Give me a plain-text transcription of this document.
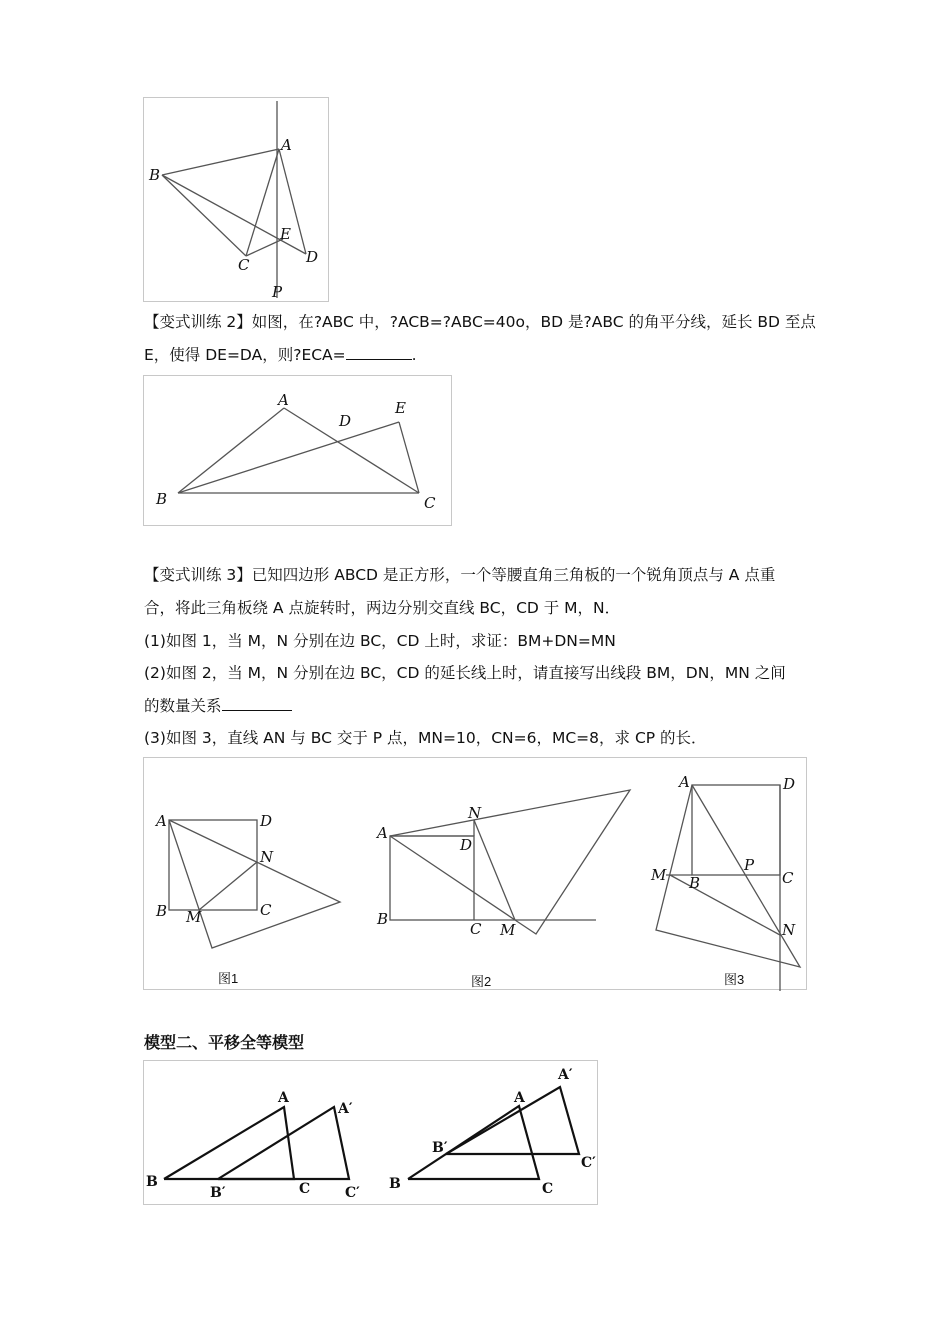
A
B
C	D
E
P
【变式训练 2】如图，在?ABC 中，?ACB=?ABC=40o，BD 是?ABC 的角平分线，延长 BD 至点
E，使得 DE=DA，则?ECA=	.
A
B	C
D
E
【变式训练 3】已知四边形 ABCD 是正方形，一个等腰直角三角板的一个锐角顶点与 A 点重
合，将此三角板绕 A 点旋转时，两边分别交直线 BC，CD 于 M，N．
(1)如图 1，当 M，N 分别在边 BC，CD 上时，求证：BM+DN=MN
(2)如图 2，当 M，N 分别在边 BC，CD 的延长线上时，请直接写出线段 BM，DN，MN 之间
的数量关系
(3)如图 3，直线 AN 与 BC 交于 P 点，MN=10，CN=6，MC=8，求 CP 的长．
A	D
N
B	C
M
图1
A
N
D
B
C M
图2
A	D
P
M B	C
N
图3
模型二、平移全等模型
A
A′
B
B′	C C′
A
A′
B
B′
C
C′
